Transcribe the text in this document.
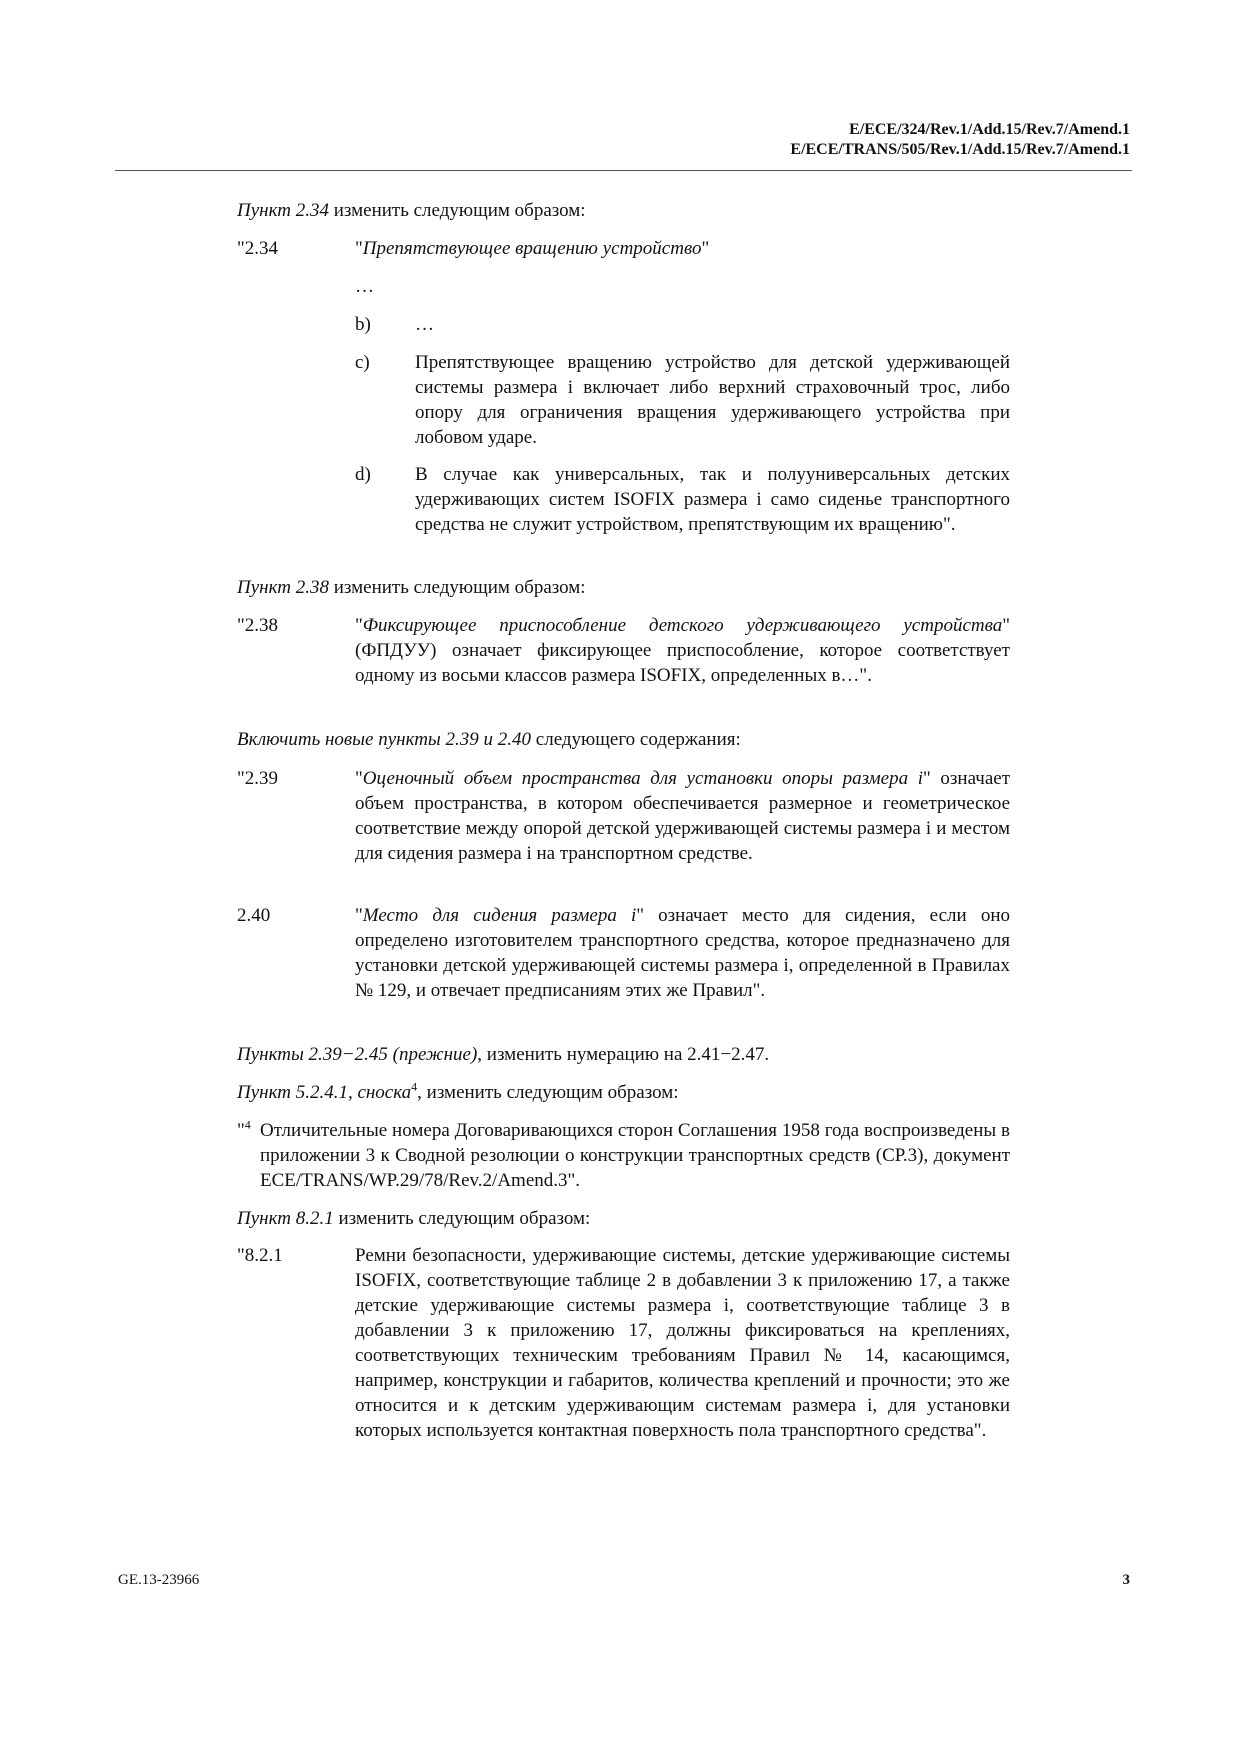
E/ECE/324/Rev.1/Add.15/Rev.7/Amend.1
E/ECE/TRANS/505/Rev.1/Add.15/Rev.7/Amend.1
Пункт 2.34 изменить следующим образом:
"2.34	"Препятствующее вращению устройство"
…
b) …
c) Препятствующее вращению устройство для детской удерживающей системы размера i включает либо верхний страховочный трос, либо опору для ограничения вращения удерживающего устройства при лобовом ударе.
d) В случае как универсальных, так и полууниверсальных детских удерживающих систем ISOFIX размера i само сиденье транспортного средства не служит устройством, препятствующим их вращению".
Пункт 2.38 изменить следующим образом:
"2.38	"Фиксирующее приспособление детского удерживающего устройства" (ФПДУУ) означает фиксирующее приспособление, которое соответствует одному из восьми классов размера ISOFIX, определенных в…".
Включить новые пункты 2.39 и 2.40 следующего содержания:
"2.39	"Оценочный объем пространства для установки опоры размера i" означает объем пространства, в котором обеспечивается размерное и геометрическое соответствие между опорой детской удерживающей системы размера i и местом для сидения размера i на транспортном средстве.
2.40	"Место для сидения размера i" означает место для сидения, если оно определено изготовителем транспортного средства, которое предназначено для установки детской удерживающей системы размера i, определенной в Правилах № 129, и отвечает предписаниям этих же Правил".
Пункты 2.39−2.45 (прежние), изменить нумерацию на 2.41−2.47.
Пункт 5.2.4.1, сноска$^4$, изменить следующим образом:
"$^4$ Отличительные номера Договаривающихся сторон Соглашения 1958 года воспроизведены в приложении 3 к Сводной резолюции о конструкции транспортных средств (СР.3), документ ECE/TRANS/WP.29/78/Rev.2/Amend.3".
Пункт 8.2.1 изменить следующим образом:
"8.2.1	Ремни безопасности, удерживающие системы, детские удерживающие системы ISOFIX, соответствующие таблице 2 в добавлении 3 к приложению 17, а также детские удерживающие системы размера i, соответствующие таблице 3 в добавлении 3 к приложению 17, должны фиксироваться на креплениях, соответствующих техническим требованиям Правил № 14, касающимся, например, конструкции и габаритов, количества креплений и прочности; это же относится и к детским удерживающим системам размера i, для установки которых используется контактная поверхность пола транспортного средства".
GE.13-23966	3
